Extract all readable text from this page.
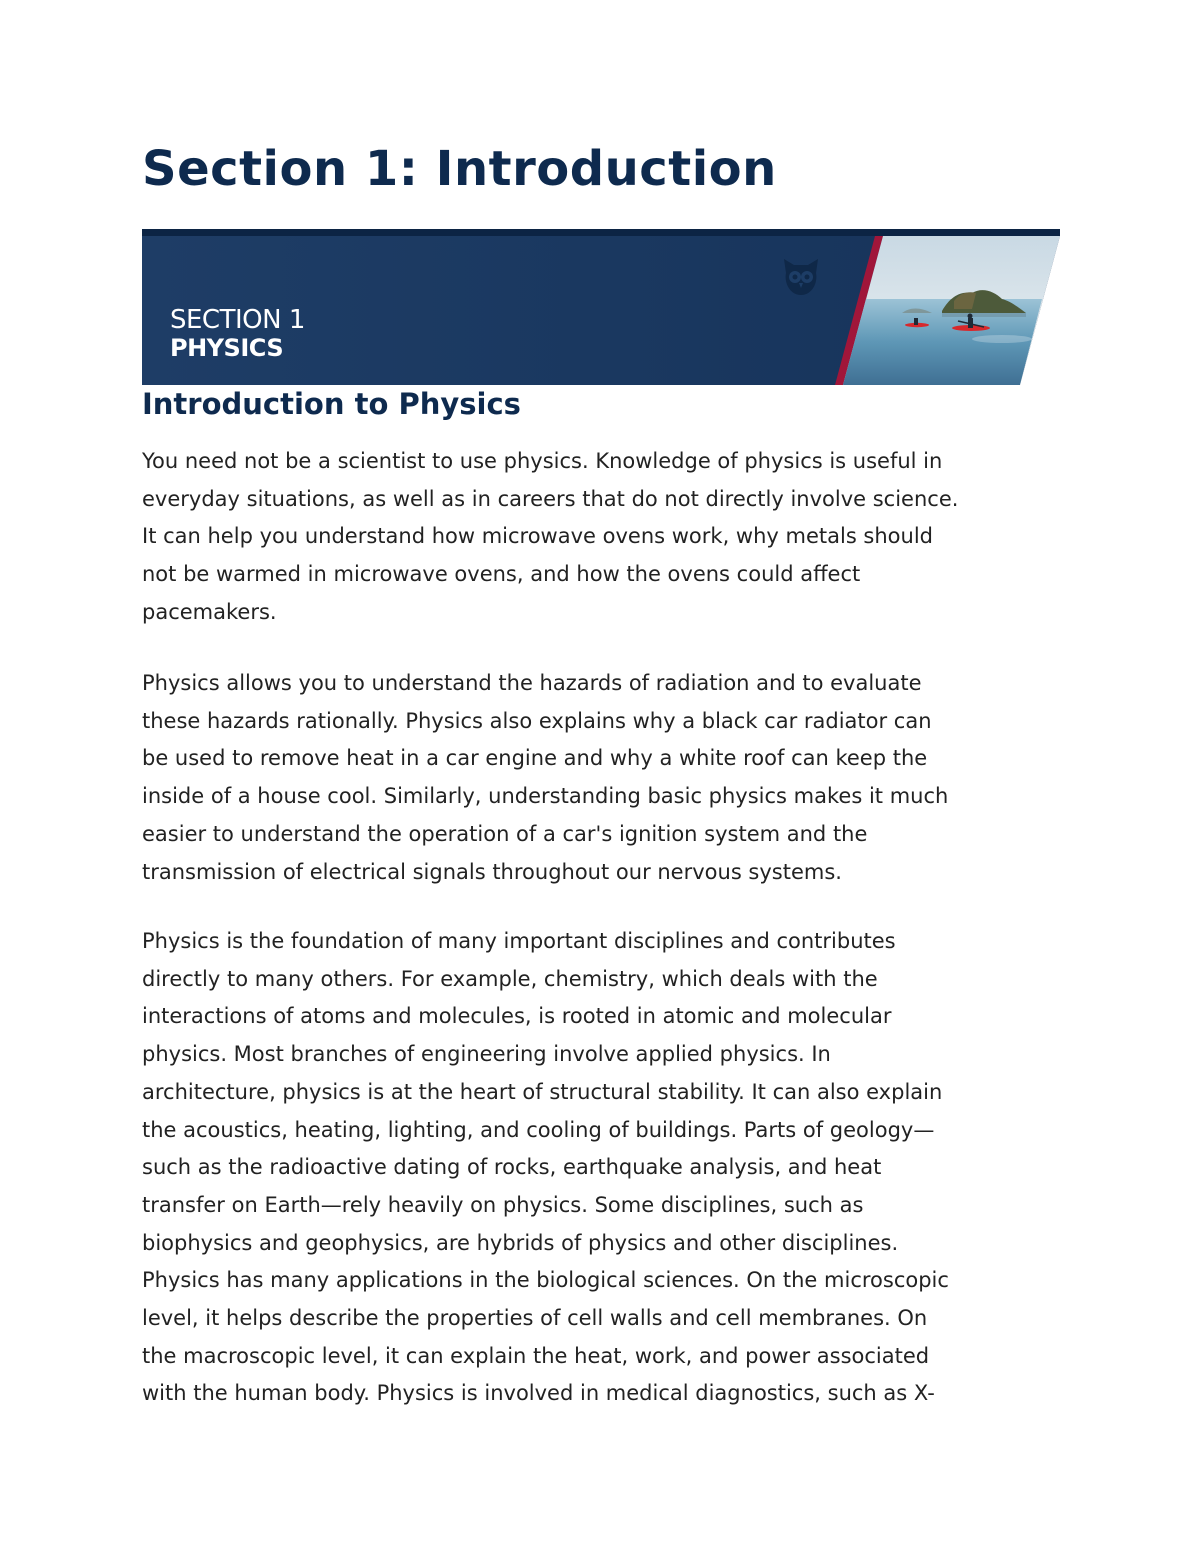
Section 1: Introduction
SECTION 1
PHYSICS
Introduction to Physics

You need not be a scientist to use physics. Knowledge of physics is useful in
everyday situations, as well as in careers that do not directly involve science.
It can help you understand how microwave ovens work, why metals should
not be warmed in microwave ovens, and how the ovens could affect
pacemakers.

Physics allows you to understand the hazards of radiation and to evaluate
these hazards rationally. Physics also explains why a black car radiator can
be used to remove heat in a car engine and why a white roof can keep the
inside of a house cool. Similarly, understanding basic physics makes it much
easier to understand the operation of a car's ignition system and the
transmission of electrical signals throughout our nervous systems.

Physics is the foundation of many important disciplines and contributes
directly to many others. For example, chemistry, which deals with the
interactions of atoms and molecules, is rooted in atomic and molecular
physics. Most branches of engineering involve applied physics. In
architecture, physics is at the heart of structural stability. It can also explain
the acoustics, heating, lighting, and cooling of buildings. Parts of geology—
such as the radioactive dating of rocks, earthquake analysis, and heat
transfer on Earth—rely heavily on physics. Some disciplines, such as
biophysics and geophysics, are hybrids of physics and other disciplines.
Physics has many applications in the biological sciences. On the microscopic
level, it helps describe the properties of cell walls and cell membranes. On
the macroscopic level, it can explain the heat, work, and power associated
with the human body. Physics is involved in medical diagnostics, such as X-
